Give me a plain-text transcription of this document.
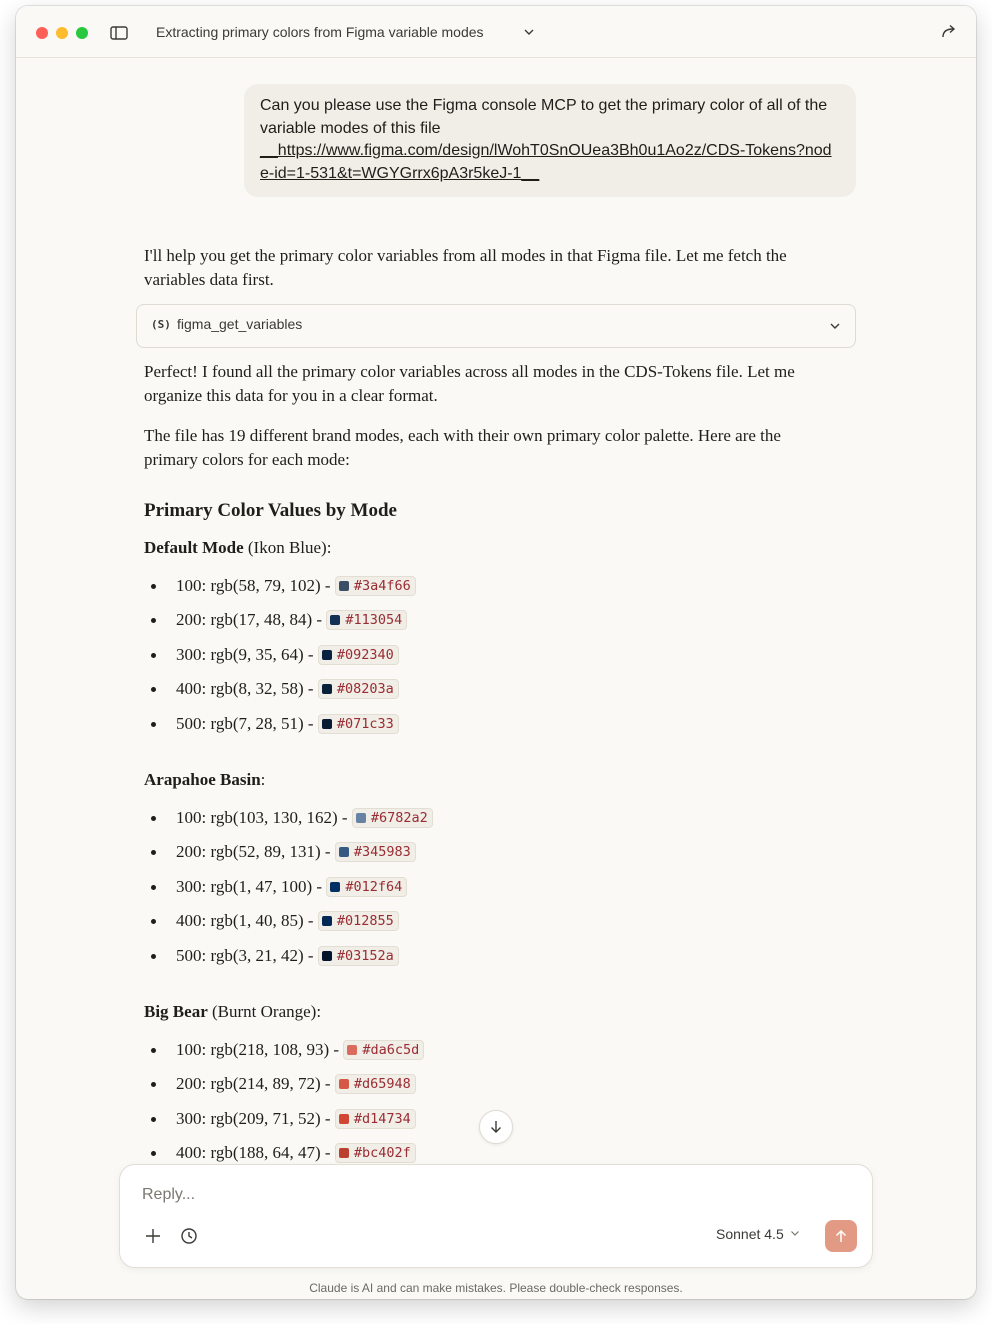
Extracting primary colors from Figma variable modes
Can you please use the Figma console MCP to get the primary color of all of the variable modes of this file
__https://www.figma.com/design/lWohT0SnOUea3Bh0u1Ao2z/CDS-Tokens?node-id=1-531&t=WGYGrrx6pA3r5keJ-1__
I'll help you get the primary color variables from all modes in that Figma file. Let me fetch the variables data first.
(S) figma_get_variables
Perfect! I found all the primary color variables across all modes in the CDS-Tokens file. Let me organize this data for you in a clear format.
The file has 19 different brand modes, each with their own primary color palette. Here are the primary colors for each mode:
Primary Color Values by Mode
Default Mode (Ikon Blue):
100: rgb(58, 79, 102) - #3a4f66
200: rgb(17, 48, 84) - #113054
300: rgb(9, 35, 64) - #092340
400: rgb(8, 32, 58) - #08203a
500: rgb(7, 28, 51) - #071c33
Arapahoe Basin:
100: rgb(103, 130, 162) - #6782a2
200: rgb(52, 89, 131) - #345983
300: rgb(1, 47, 100) - #012f64
400: rgb(1, 40, 85) - #012855
500: rgb(3, 21, 42) - #03152a
Big Bear (Burnt Orange):
100: rgb(218, 108, 93) - #da6c5d
200: rgb(214, 89, 72) - #d65948
300: rgb(209, 71, 52) - #d14734
400: rgb(188, 64, 47) - #bc402f
Reply...
Sonnet 4.5
Claude is AI and can make mistakes. Please double-check responses.
